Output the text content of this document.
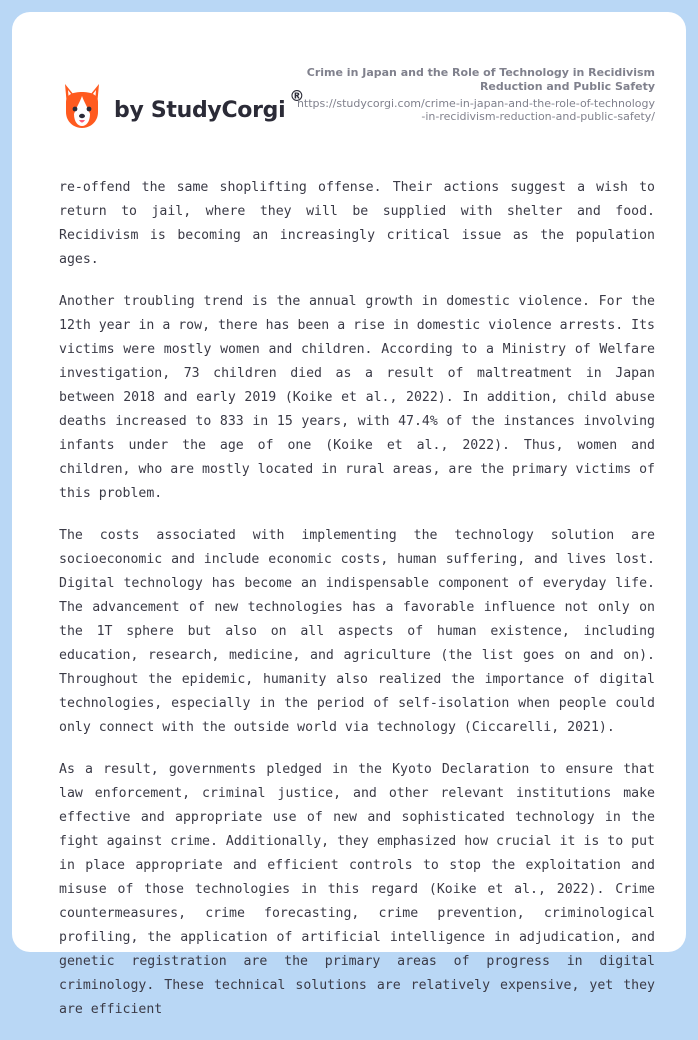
by StudyCorgi
®
Crime in Japan and the Role of Technology in Recidivism Reduction and Public Safety
https://studycorgi.com/crime-in-japan-and-the-role-of-technology-in-recidivism-reduction-and-public-safety/

re-offend the same shoplifting offense. Their actions suggest a wish to return to jail, where they will be supplied with shelter and food. Recidivism is becoming an increasingly critical issue as the population ages.

Another troubling trend is the annual growth in domestic violence. For the 12th year in a row, there has been a rise in domestic violence arrests. Its victims were mostly women and children. According to a Ministry of Welfare investigation, 73 children died as a result of maltreatment in Japan between 2018 and early 2019 (Koike et al., 2022). In addition, child abuse deaths increased to 833 in 15 years, with 47.4% of the instances involving infants under the age of one (Koike et al., 2022). Thus, women and children, who are mostly located in rural areas, are the primary victims of this problem.

The costs associated with implementing the technology solution are socioeconomic and include economic costs, human suffering, and lives lost. Digital technology has become an indispensable component of everyday life. The advancement of new technologies has a favorable influence not only on the 1T sphere but also on all aspects of human existence, including education, research, medicine, and agriculture (the list goes on and on). Throughout the epidemic, humanity also realized the importance of digital technologies, especially in the period of self-isolation when people could only connect with the outside world via technology (Ciccarelli, 2021).

As a result, governments pledged in the Kyoto Declaration to ensure that law enforcement, criminal justice, and other relevant institutions make effective and appropriate use of new and sophisticated technology in the fight against crime. Additionally, they emphasized how crucial it is to put in place appropriate and efficient controls to stop the exploitation and misuse of those technologies in this regard (Koike et al., 2022). Crime countermeasures, crime forecasting, crime prevention, criminological profiling, the application of artificial intelligence in adjudication, and genetic registration are the primary areas of progress in digital criminology. These technical solutions are relatively expensive, yet they are efficient
